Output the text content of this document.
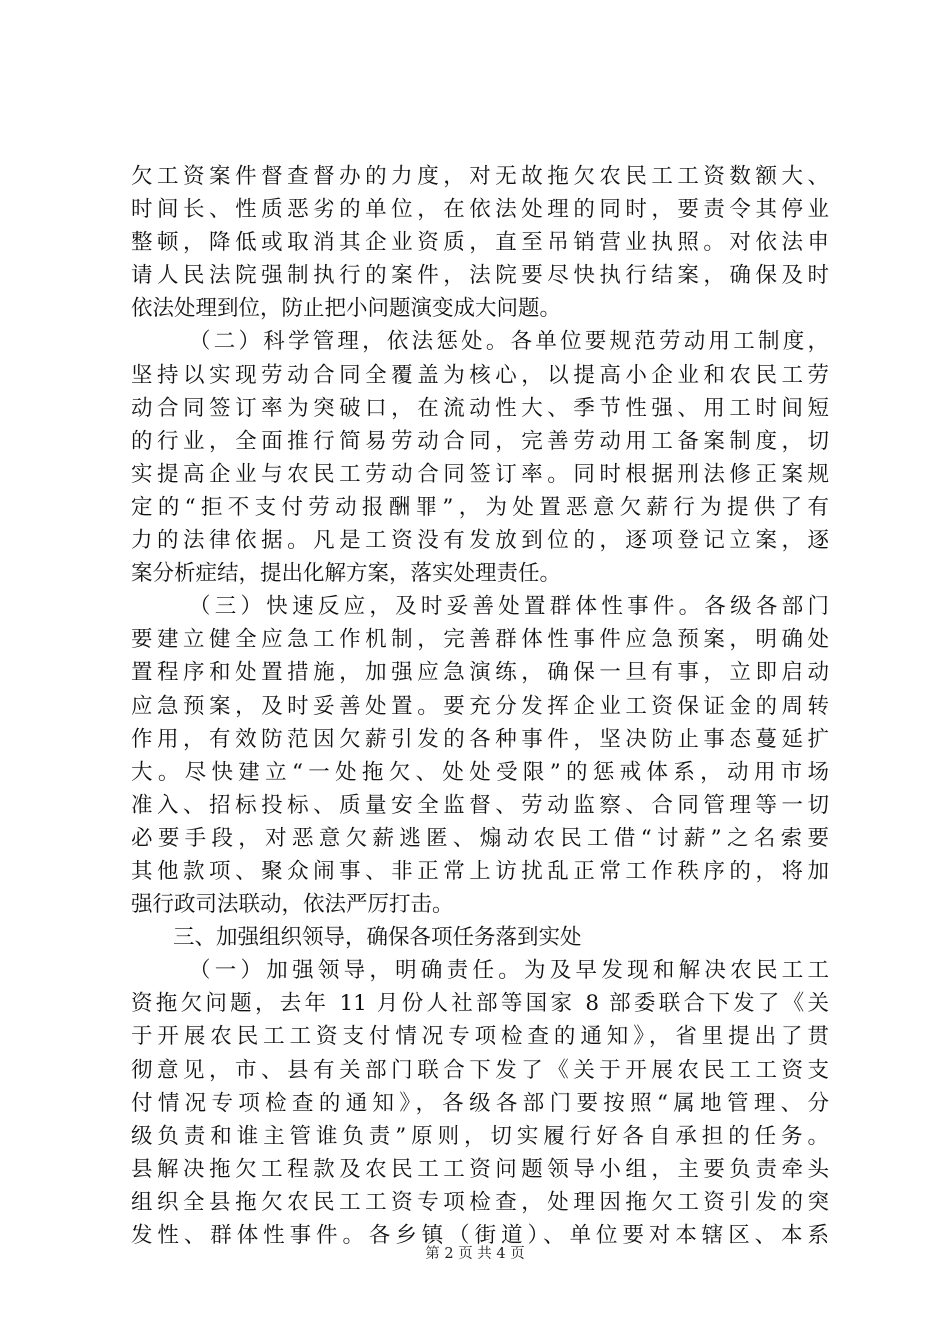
欠工资案件督查督办的力度，对无故拖欠农民工工资数额大、
时间长、性质恶劣的单位，在依法处理的同时，要责令其停业
整顿，降低或取消其企业资质，直至吊销营业执照。对依法申
请人民法院强制执行的案件，法院要尽快执行结案，确保及时
依法处理到位，防止把小问题演变成大问题。
（二）科学管理，依法惩处。各单位要规范劳动用工制度，
坚持以实现劳动合同全覆盖为核心，以提高小企业和农民工劳
动合同签订率为突破口，在流动性大、季节性强、用工时间短
的行业，全面推行简易劳动合同，完善劳动用工备案制度，切
实提高企业与农民工劳动合同签订率。同时根据刑法修正案规
定的“拒不支付劳动报酬罪”，为处置恶意欠薪行为提供了有
力的法律依据。凡是工资没有发放到位的，逐项登记立案，逐
案分析症结，提出化解方案，落实处理责任。
（三）快速反应，及时妥善处置群体性事件。各级各部门
要建立健全应急工作机制，完善群体性事件应急预案，明确处
置程序和处置措施，加强应急演练，确保一旦有事，立即启动
应急预案，及时妥善处置。要充分发挥企业工资保证金的周转
作用，有效防范因欠薪引发的各种事件，坚决防止事态蔓延扩
大。尽快建立“一处拖欠、处处受限”的惩戒体系，动用市场
准入、招标投标、质量安全监督、劳动监察、合同管理等一切
必要手段，对恶意欠薪逃匿、煽动农民工借“讨薪”之名索要
其他款项、聚众闹事、非正常上访扰乱正常工作秩序的，将加
强行政司法联动，依法严厉打击。
三、加强组织领导，确保各项任务落到实处
（一）加强领导，明确责任。为及早发现和解决农民工工
资拖欠问题，去年 11 月份人社部等国家 8 部委联合下发了《关
于开展农民工工资支付情况专项检查的通知》，省里提出了贯
彻意见，市、县有关部门联合下发了《关于开展农民工工资支
付情况专项检查的通知》，各级各部门要按照“属地管理、分
级负责和谁主管谁负责”原则，切实履行好各自承担的任务。
县解决拖欠工程款及农民工工资问题领导小组，主要负责牵头
组织全县拖欠农民工工资专项检查，处理因拖欠工资引发的突
发性、群体性事件。各乡镇（街道）、单位要对本辖区、本系
第 2 页 共 4 页
